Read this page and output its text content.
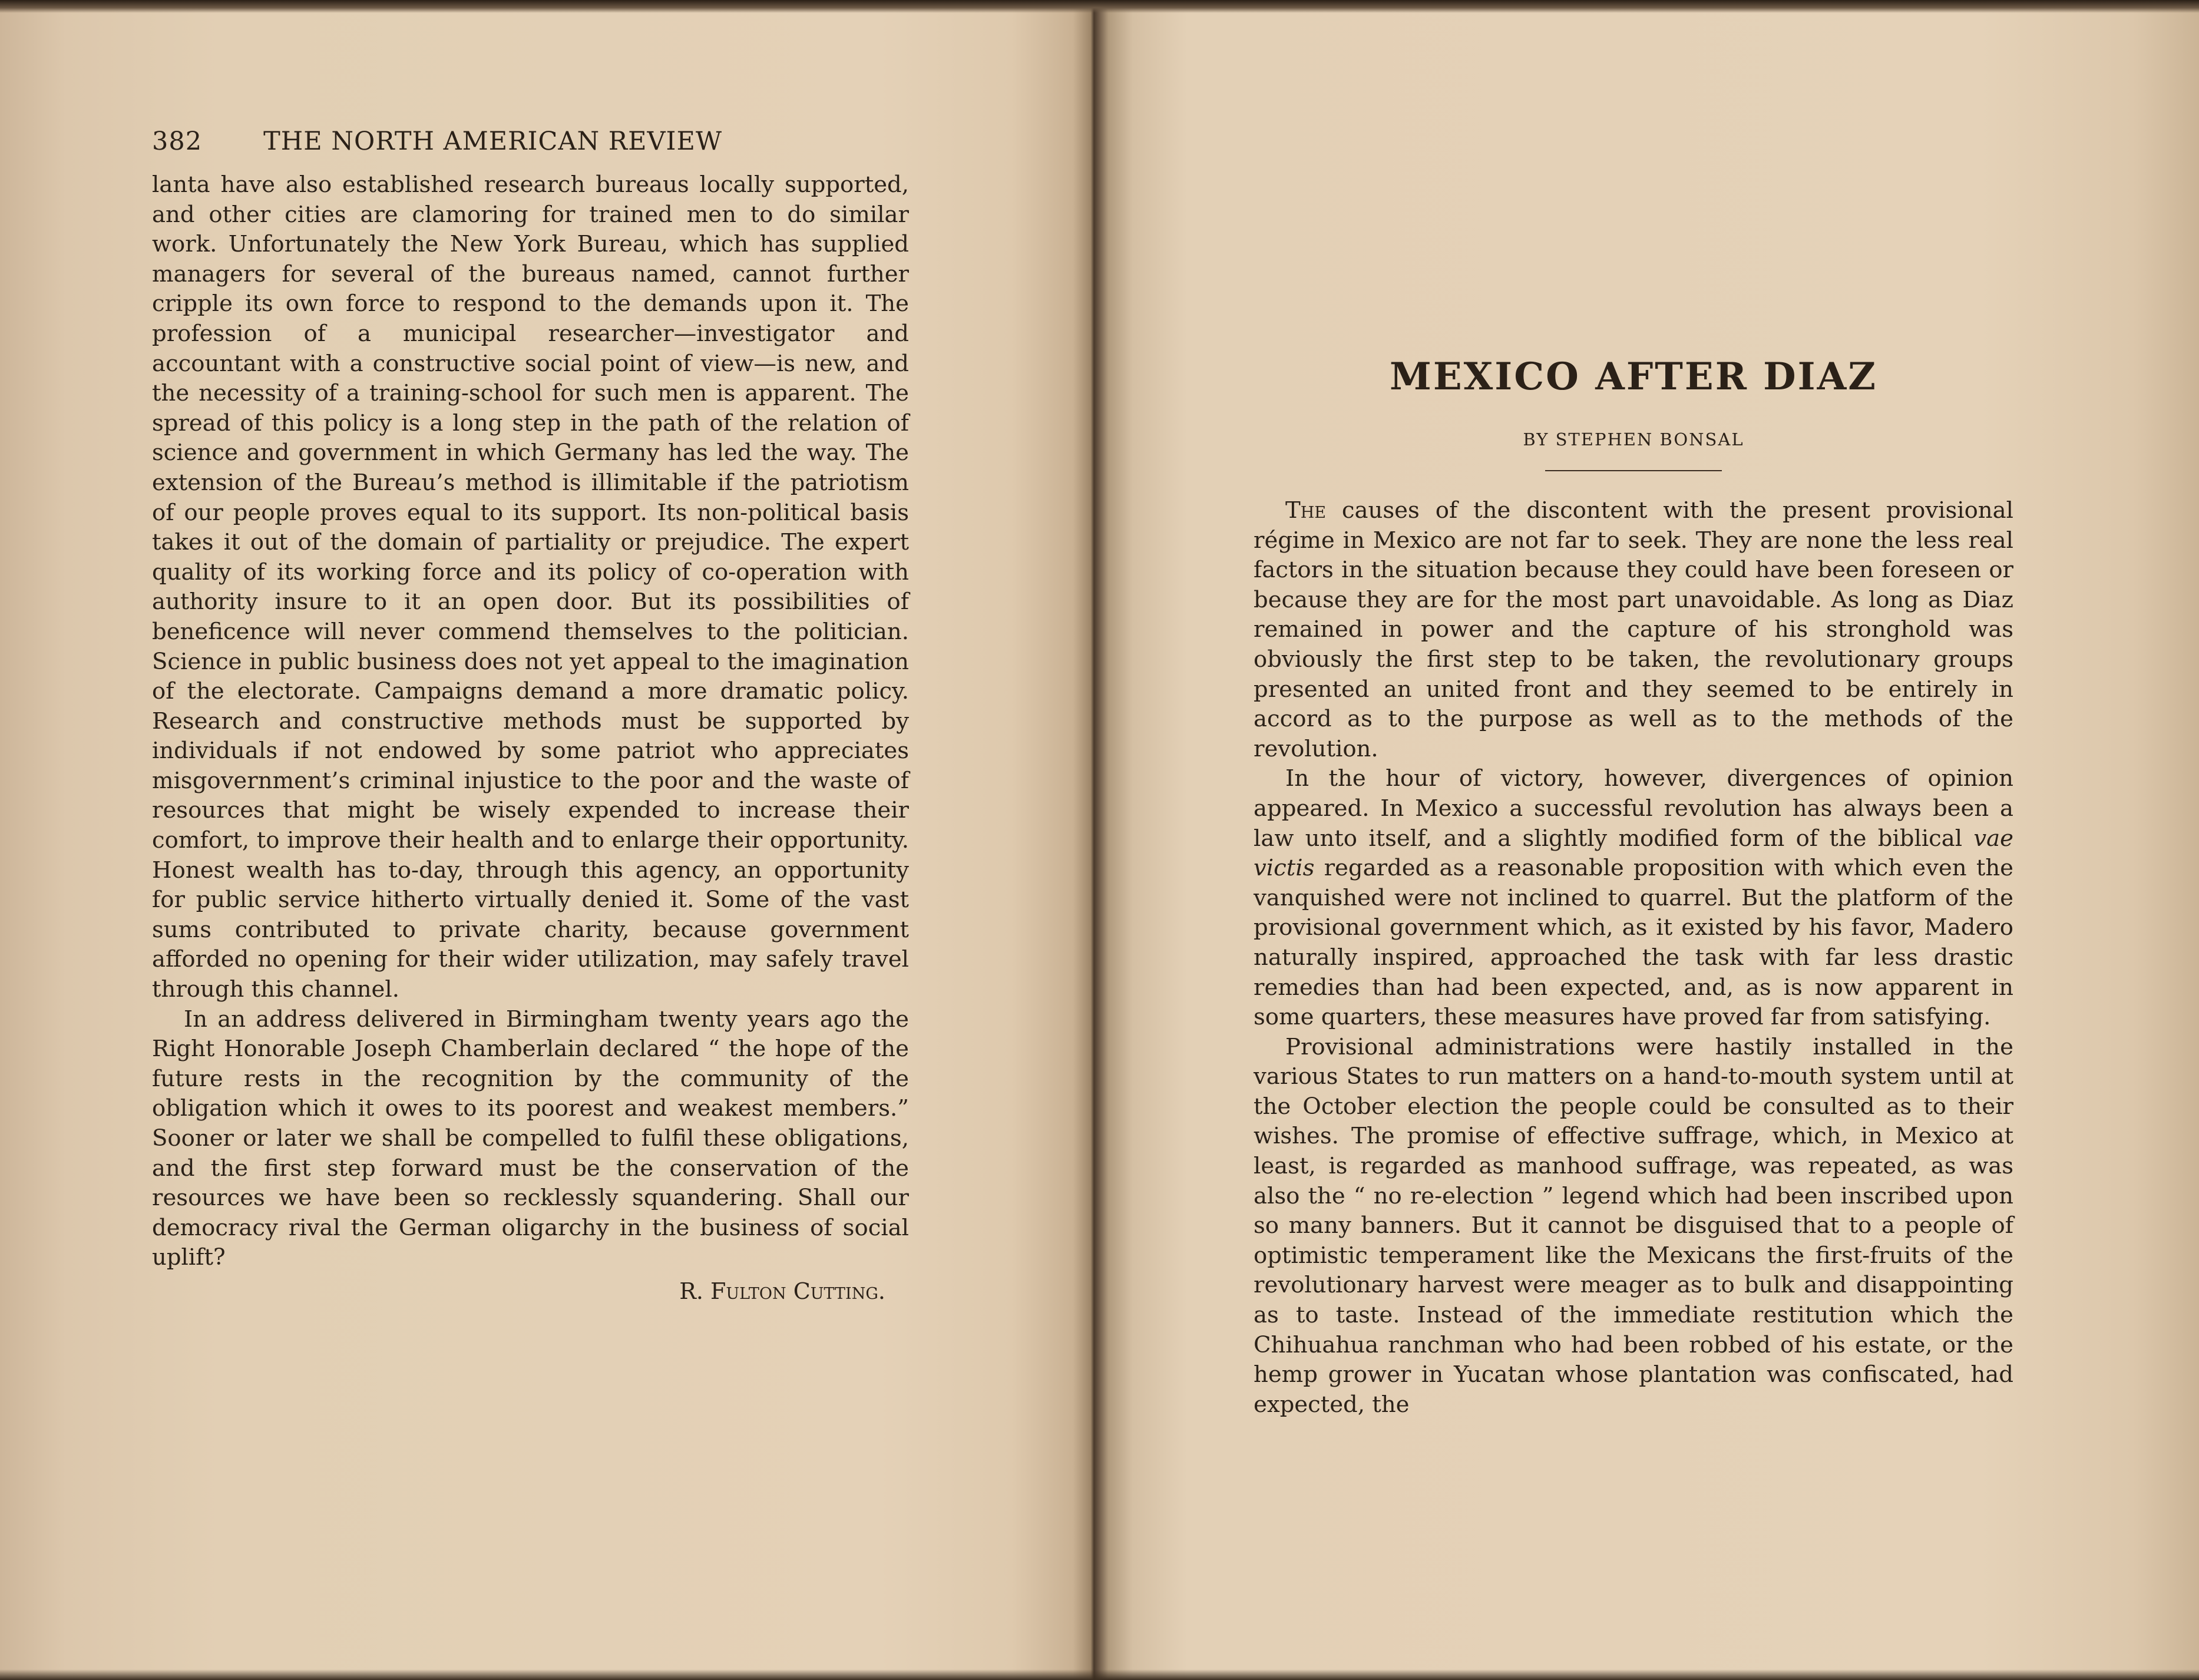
382 THE NORTH AMERICAN REVIEW

lanta have also established research bureaus locally supported, and other cities are clamoring for trained men to do similar work. Unfortunately the New York Bureau, which has supplied managers for several of the bureaus named, cannot further cripple its own force to respond to the demands upon it. The profession of a municipal researcher—investigator and accountant with a constructive social point of view—is new, and the necessity of a training-school for such men is apparent. The spread of this policy is a long step in the path of the relation of science and government in which Germany has led the way. The extension of the Bureau’s method is illimitable if the patriotism of our people proves equal to its support. Its non-political basis takes it out of the domain of partiality or prejudice. The expert quality of its working force and its policy of co-operation with authority insure to it an open door. But its possibilities of beneficence will never commend themselves to the politician. Science in public business does not yet appeal to the imagination of the electorate. Campaigns demand a more dramatic policy. Research and constructive methods must be supported by individuals if not endowed by some patriot who appreciates misgovernment’s criminal injustice to the poor and the waste of resources that might be wisely expended to increase their comfort, to improve their health and to enlarge their opportunity. Honest wealth has to-day, through this agency, an opportunity for public service hitherto virtually denied it. Some of the vast sums contributed to private charity, because government afforded no opening for their wider utilization, may safely travel through this channel.

In an address delivered in Birmingham twenty years ago the Right Honorable Joseph Chamberlain declared “ the hope of the future rests in the recognition by the community of the obligation which it owes to its poorest and weakest members.” Sooner or later we shall be compelled to fulfil these obligations, and the first step forward must be the conservation of the resources we have been so recklessly squandering. Shall our democracy rival the German oligarchy in the business of social uplift?

R. Fulton Cutting.
MEXICO AFTER DIAZ
BY STEPHEN BONSAL

The causes of the discontent with the present provisional régime in Mexico are not far to seek. They are none the less real factors in the situation because they could have been foreseen or because they are for the most part unavoidable. As long as Diaz remained in power and the capture of his stronghold was obviously the first step to be taken, the revolutionary groups presented an united front and they seemed to be entirely in accord as to the purpose as well as to the methods of the revolution.

In the hour of victory, however, divergences of opinion appeared. In Mexico a successful revolution has always been a law unto itself, and a slightly modified form of the biblical vae victis regarded as a reasonable proposition with which even the vanquished were not inclined to quarrel. But the platform of the provisional government which, as it existed by his favor, Madero naturally inspired, approached the task with far less drastic remedies than had been expected, and, as is now apparent in some quarters, these measures have proved far from satisfying.

Provisional administrations were hastily installed in the various States to run matters on a hand-to-mouth system until at the October election the people could be consulted as to their wishes. The promise of effective suffrage, which, in Mexico at least, is regarded as manhood suffrage, was repeated, as was also the “ no re-election ” legend which had been inscribed upon so many banners. But it cannot be disguised that to a people of optimistic temperament like the Mexicans the first-fruits of the revolutionary harvest were meager as to bulk and disappointing as to taste. Instead of the immediate restitution which the Chihuahua ranchman who had been robbed of his estate, or the hemp grower in Yucatan whose plantation was confiscated, had expected, the
